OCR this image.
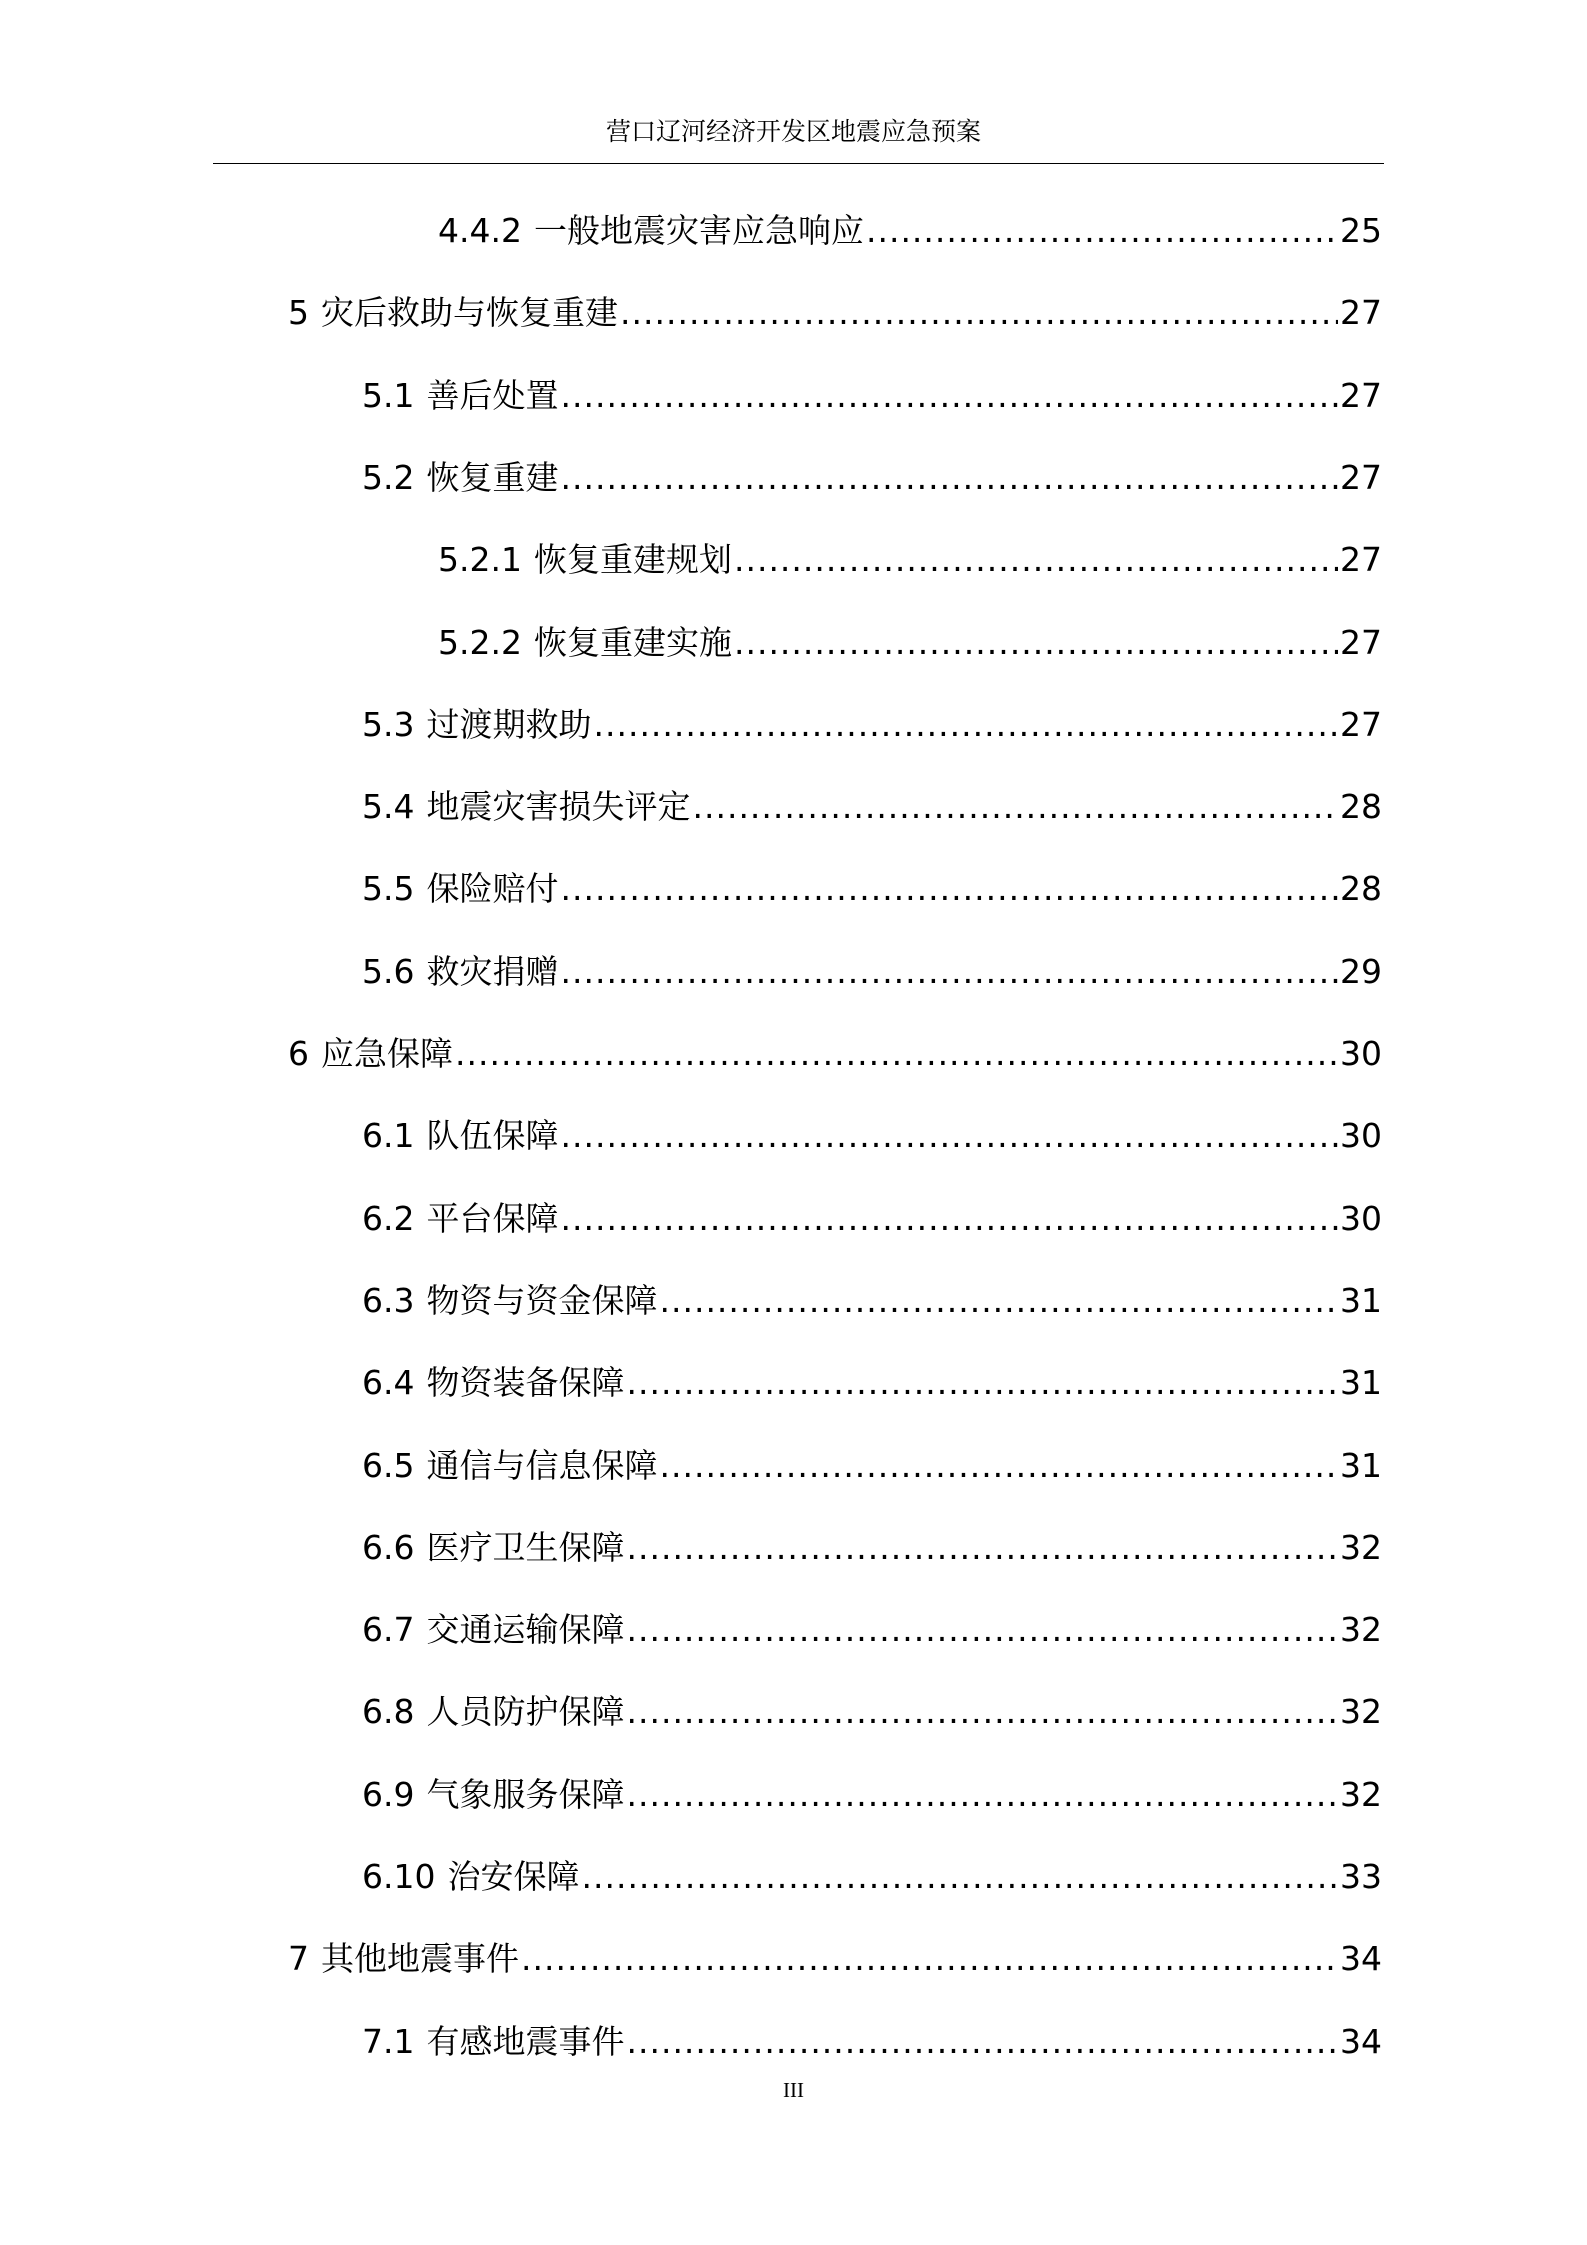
营口辽河经济开发区地震应急预案
4.4.2 一般地震灾害应急响应 .....	25
5 灾后救助与恢复重建 .....	27
5.1 善后处置 .....	27
5.2 恢复重建 .....	27
5.2.1 恢复重建规划 .....	27
5.2.2 恢复重建实施 .....	27
5.3 过渡期救助 .....	27
5.4 地震灾害损失评定 .....	28
5.5 保险赔付 .....	28
5.6 救灾捐赠 .....	29
6 应急保障 .....	30
6.1 队伍保障 .....	30
6.2 平台保障 .....	30
6.3 物资与资金保障 .....	31
6.4 物资装备保障 .....	31
6.5 通信与信息保障 .....	31
6.6 医疗卫生保障 .....	32
6.7 交通运输保障 .....	32
6.8 人员防护保障 .....	32
6.9 气象服务保障 .....	32
6.10 治安保障 .....	33
7 其他地震事件 .....	34
7.1 有感地震事件 .....	34
III
